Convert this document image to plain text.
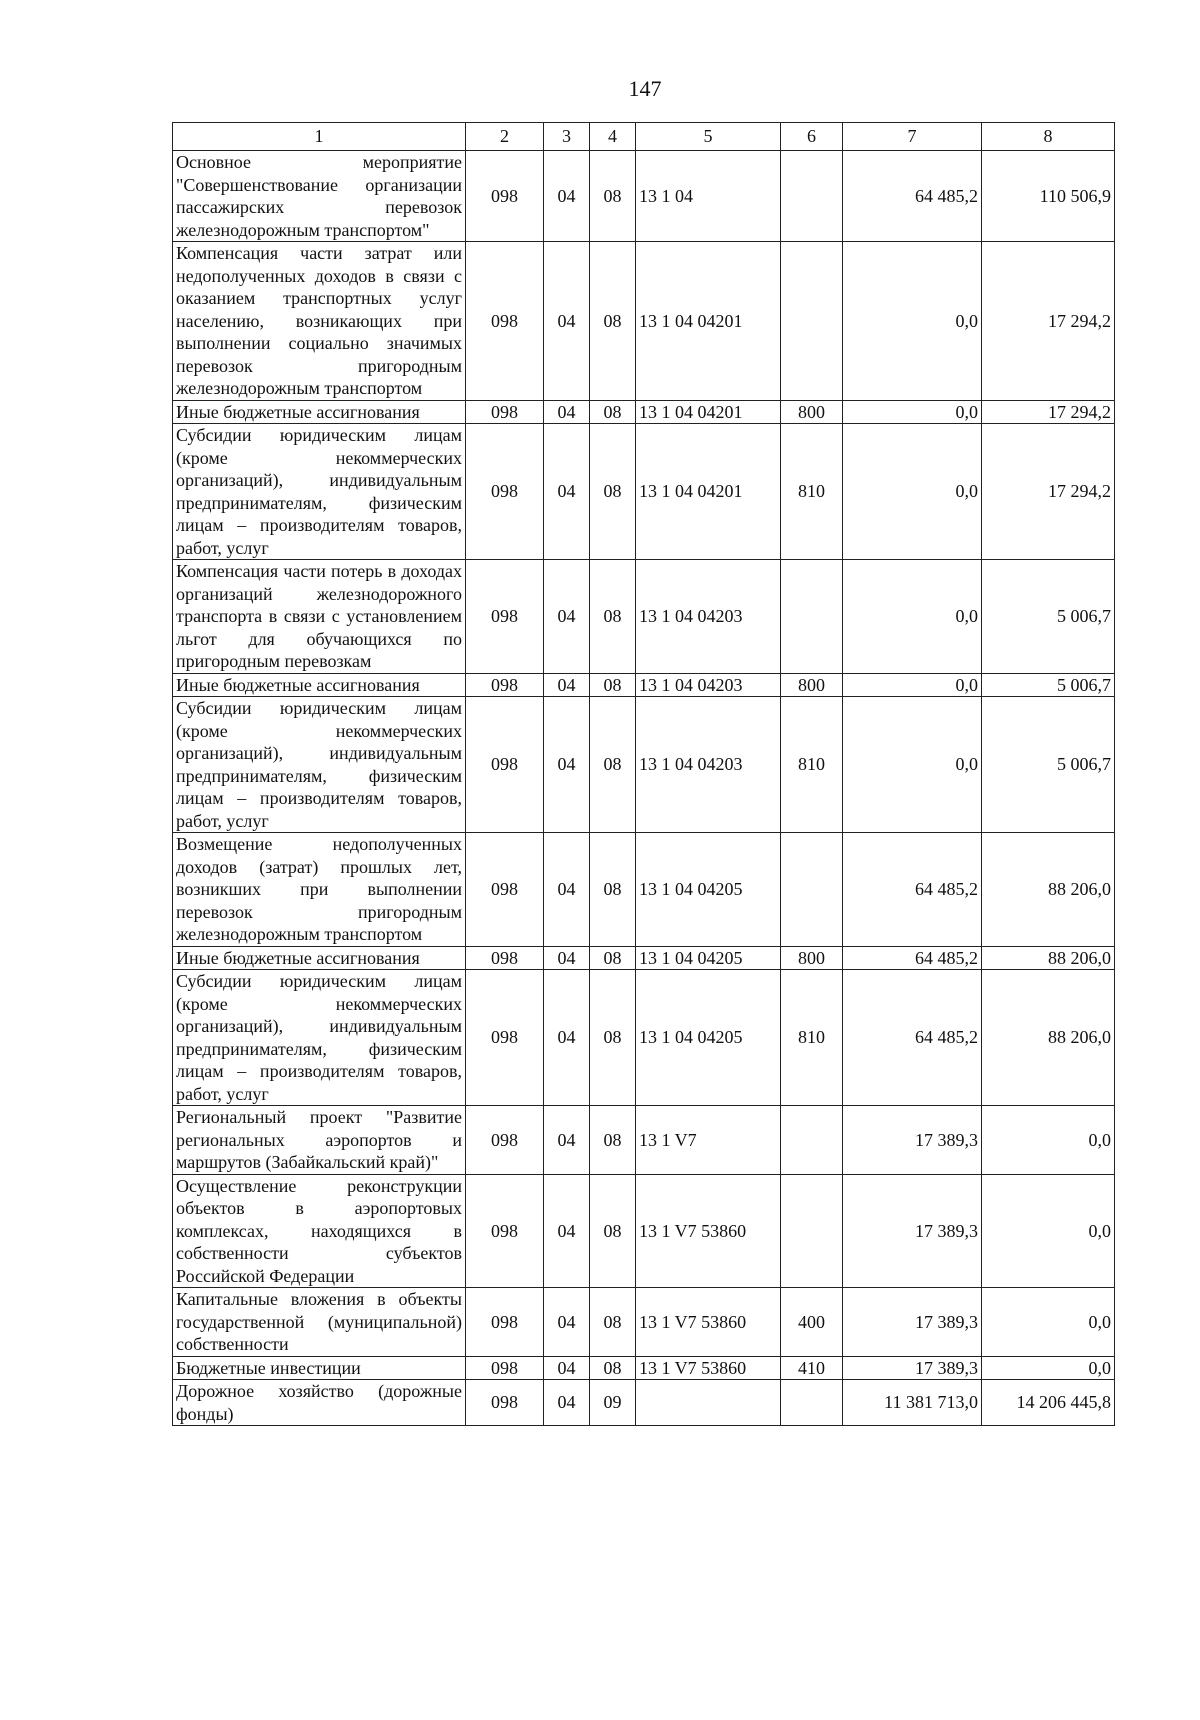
147
1	2	3	4	5	6	7	8
Основное мероприятие "Совершенствование организации пассажирских перевозок железнодорожным транспортом"	098	04	08	13 1 04		64 485,2	110 506,9
Компенсация части затрат или недополученных доходов в связи с оказанием транспортных услуг населению, возникающих при выполнении социально значимых перевозок пригородным железнодорожным транспортом	098	04	08	13 1 04 04201		0,0	17 294,2
Иные бюджетные ассигнования	098	04	08	13 1 04 04201	800	0,0	17 294,2
Субсидии юридическим лицам (кроме некоммерческих организаций), индивидуальным предпринимателям, физическим лицам – производителям товаров, работ, услуг	098	04	08	13 1 04 04201	810	0,0	17 294,2
Компенсация части потерь в доходах организаций железнодорожного транспорта в связи с установлением льгот для обучающихся по пригородным перевозкам	098	04	08	13 1 04 04203		0,0	5 006,7
Иные бюджетные ассигнования	098	04	08	13 1 04 04203	800	0,0	5 006,7
Субсидии юридическим лицам (кроме некоммерческих организаций), индивидуальным предпринимателям, физическим лицам – производителям товаров, работ, услуг	098	04	08	13 1 04 04203	810	0,0	5 006,7
Возмещение недополученных доходов (затрат) прошлых лет, возникших при выполнении перевозок пригородным железнодорожным транспортом	098	04	08	13 1 04 04205		64 485,2	88 206,0
Иные бюджетные ассигнования	098	04	08	13 1 04 04205	800	64 485,2	88 206,0
Субсидии юридическим лицам (кроме некоммерческих организаций), индивидуальным предпринимателям, физическим лицам – производителям товаров, работ, услуг	098	04	08	13 1 04 04205	810	64 485,2	88 206,0
Региональный проект "Развитие региональных аэропортов и маршрутов (Забайкальский край)"	098	04	08	13 1 V7		17 389,3	0,0
Осуществление реконструкции объектов в аэропортовых комплексах, находящихся в собственности субъектов Российской Федерации	098	04	08	13 1 V7 53860		17 389,3	0,0
Капитальные вложения в объекты государственной (муниципальной) собственности	098	04	08	13 1 V7 53860	400	17 389,3	0,0
Бюджетные инвестиции	098	04	08	13 1 V7 53860	410	17 389,3	0,0
Дорожное хозяйство (дорожные фонды)	098	04	09			11 381 713,0	14 206 445,8
